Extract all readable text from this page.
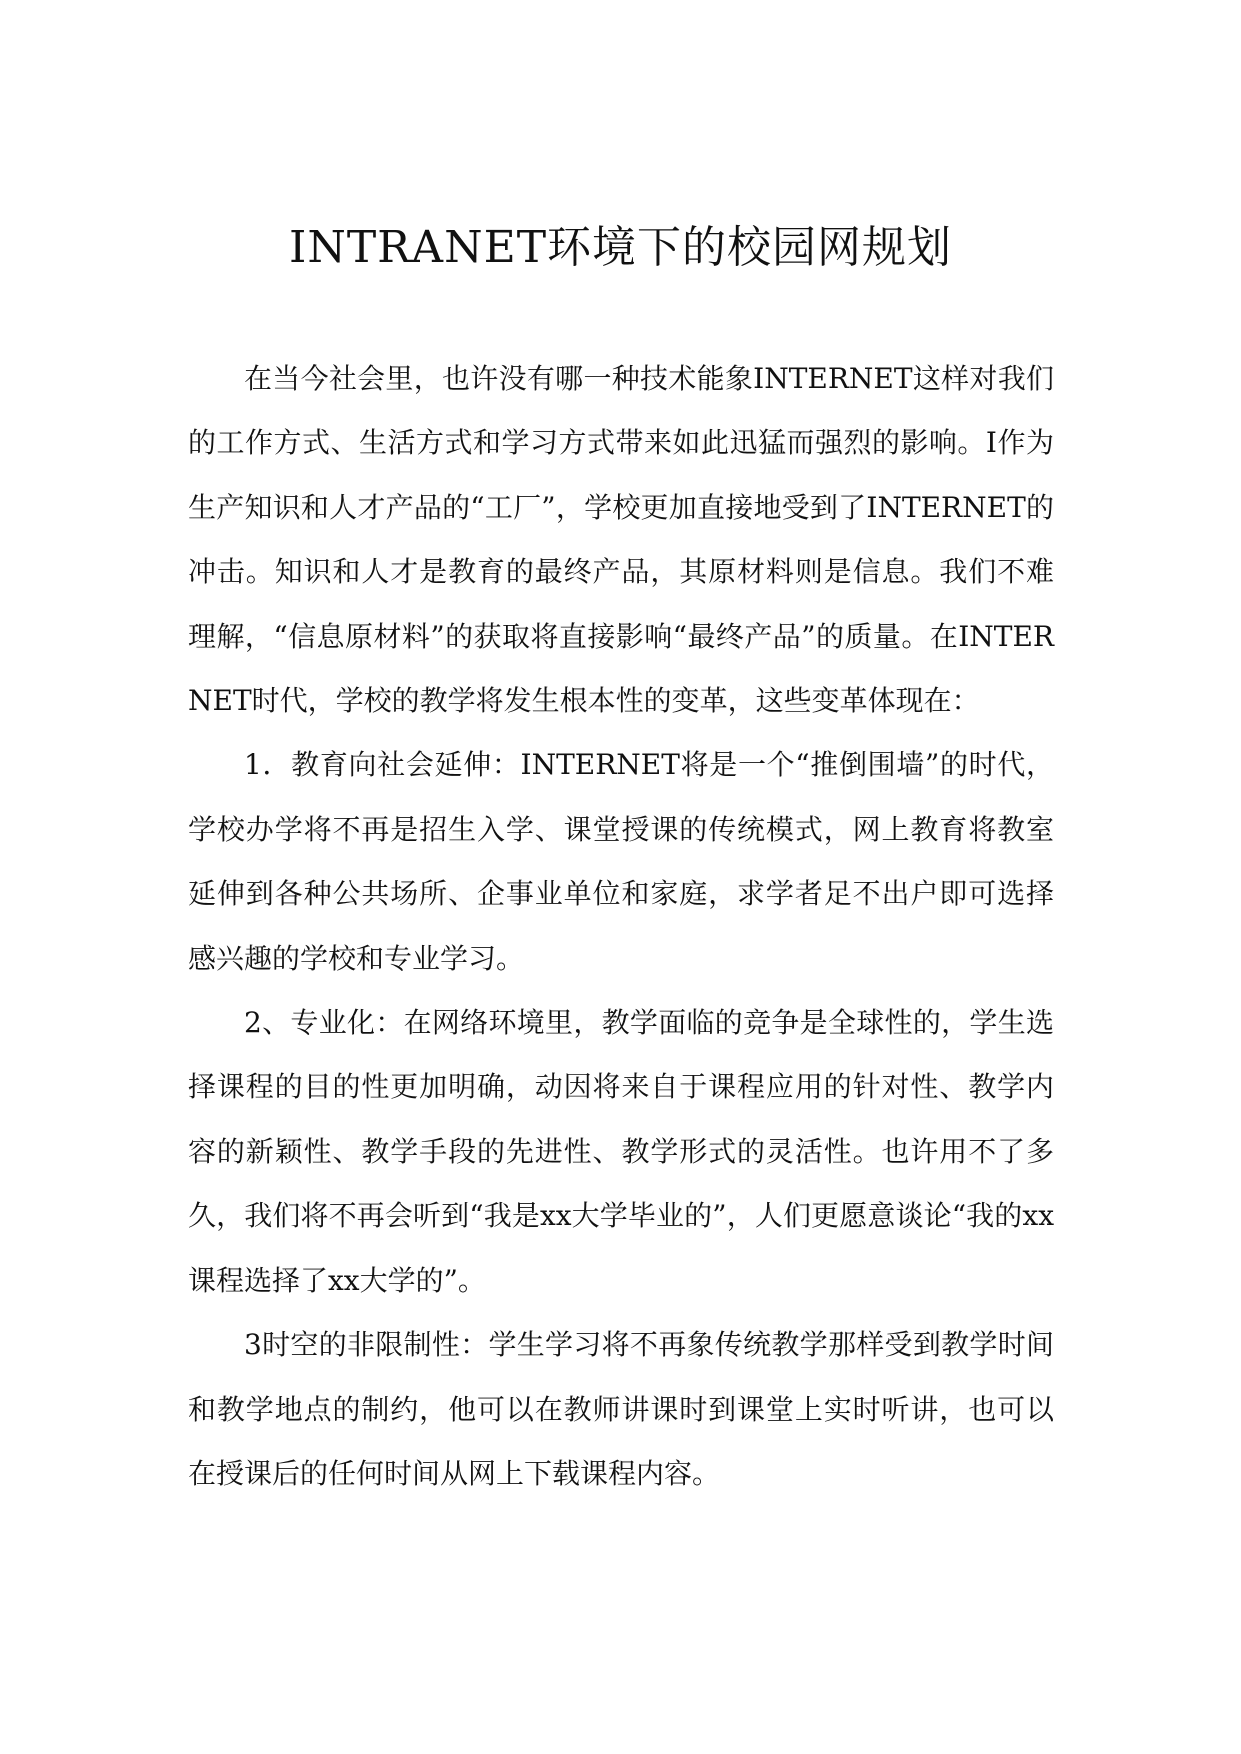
INTRANET环境下的校园网规划

在当今社会里，也许没有哪一种技术能象INTERNET这样对我们的工作方式、生活方式和学习方式带来如此迅猛而强烈的影响。I作为生产知识和人才产品的“工厂”，学校更加直接地受到了INTERNET的冲击。知识和人才是教育的最终产品，其原材料则是信息。我们不难理解，“信息原材料”的获取将直接影响“最终产品”的质量。在INTERNET时代，学校的教学将发生根本性的变革，这些变革体现在：

1．教育向社会延伸：INTERNET将是一个“推倒围墙”的时代，学校办学将不再是招生入学、课堂授课的传统模式，网上教育将教室延伸到各种公共场所、企事业单位和家庭，求学者足不出户即可选择感兴趣的学校和专业学习。

2、专业化：在网络环境里，教学面临的竞争是全球性的，学生选择课程的目的性更加明确，动因将来自于课程应用的针对性、教学内容的新颖性、教学手段的先进性、教学形式的灵活性。也许用不了多久，我们将不再会听到“我是xx大学毕业的”，人们更愿意谈论“我的xx课程选择了xx大学的”。

3时空的非限制性：学生学习将不再象传统教学那样受到教学时间和教学地点的制约，他可以在教师讲课时到课堂上实时听讲，也可以在授课后的任何时间从网上下载课程内容。
